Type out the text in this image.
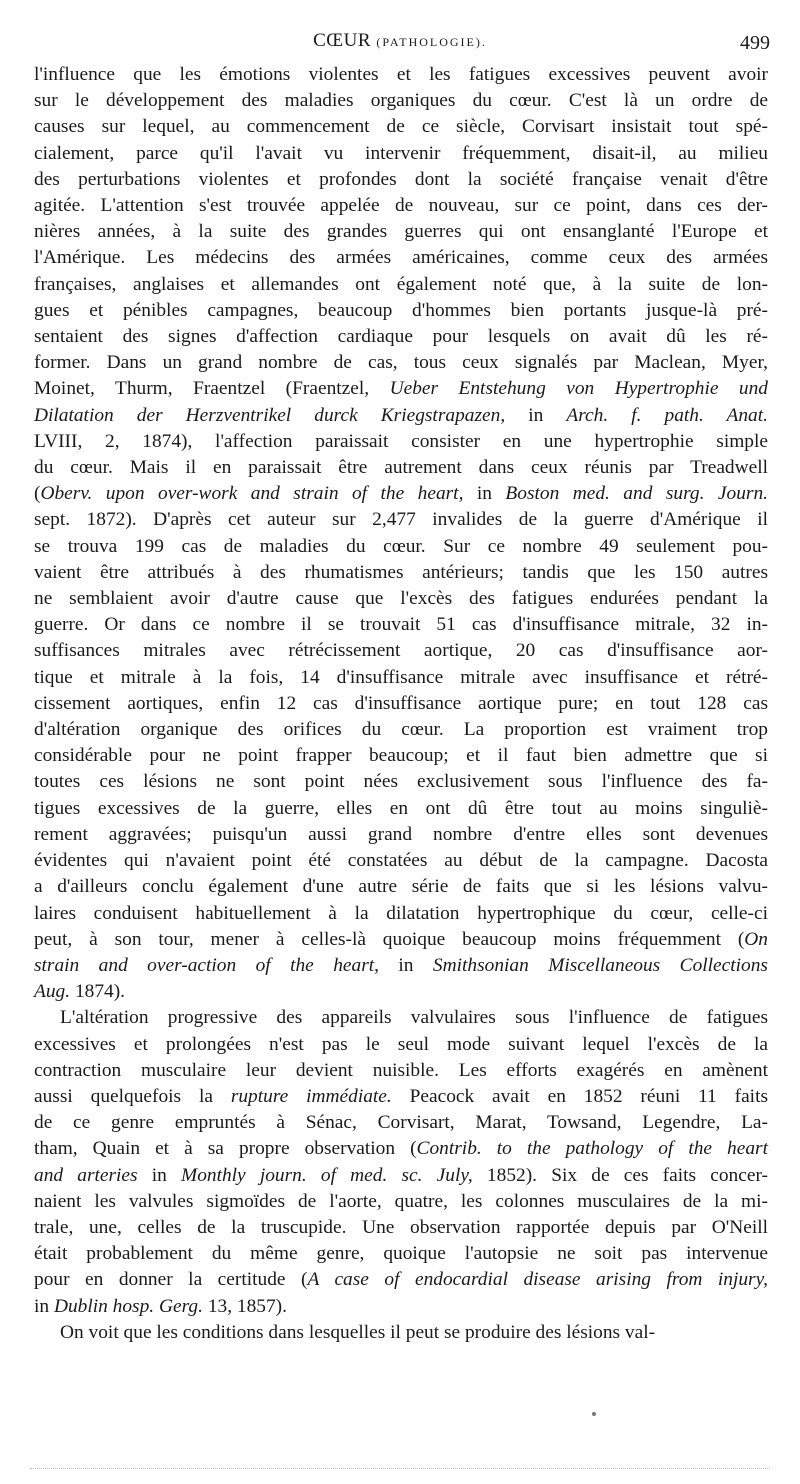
CŒUR (PATHOLOGIE).	499

l'influence que les émotions violentes et les fatigues excessives peuvent avoir
sur le développement des maladies organiques du cœur. C'est là un ordre de
causes sur lequel, au commencement de ce siècle, Corvisart insistait tout spé-
cialement, parce qu'il l'avait vu intervenir fréquemment, disait-il, au milieu
des perturbations violentes et profondes dont la société française venait d'être
agitée. L'attention s'est trouvée appelée de nouveau, sur ce point, dans ces der-
nières années, à la suite des grandes guerres qui ont ensanglanté l'Europe et
l'Amérique. Les médecins des armées américaines, comme ceux des armées
françaises, anglaises et allemandes ont également noté que, à la suite de lon-
gues et pénibles campagnes, beaucoup d'hommes bien portants jusque-là pré-
sentaient des signes d'affection cardiaque pour lesquels on avait dû les ré-
former. Dans un grand nombre de cas, tous ceux signalés par Maclean, Myer,
Moinet, Thurm, Fraentzel (Fraentzel, Ueber Entstehung von Hypertrophie und
Dilatation der Herzventrikel durck Kriegstrapazen, in Arch. f. path. Anat.
LVIII, 2, 1874), l'affection paraissait consister en une hypertrophie simple
du cœur. Mais il en paraissait être autrement dans ceux réunis par Treadwell
(Oberv. upon over-work and strain of the heart, in Boston med. and surg. Journ.
sept. 1872). D'après cet auteur sur 2,477 invalides de la guerre d'Amérique il
se trouva 199 cas de maladies du cœur. Sur ce nombre 49 seulement pou-
vaient être attribués à des rhumatismes antérieurs; tandis que les 150 autres
ne semblaient avoir d'autre cause que l'excès des fatigues endurées pendant la
guerre. Or dans ce nombre il se trouvait 51 cas d'insuffisance mitrale, 32 in-
suffisances mitrales avec rétrécissement aortique, 20 cas d'insuffisance aor-
tique et mitrale à la fois, 14 d'insuffisance mitrale avec insuffisance et rétré-
cissement aortiques, enfin 12 cas d'insuffisance aortique pure; en tout 128 cas
d'altération organique des orifices du cœur. La proportion est vraiment trop
considérable pour ne point frapper beaucoup; et il faut bien admettre que si
toutes ces lésions ne sont point nées exclusivement sous l'influence des fa-
tigues excessives de la guerre, elles en ont dû être tout au moins singuliè-
rement aggravées; puisqu'un aussi grand nombre d'entre elles sont devenues
évidentes qui n'avaient point été constatées au début de la campagne. Dacosta
a d'ailleurs conclu également d'une autre série de faits que si les lésions valvu-
laires conduisent habituellement à la dilatation hypertrophique du cœur, celle-ci
peut, à son tour, mener à celles-là quoique beaucoup moins fréquemment (On
strain and over-action of the heart, in Smithsonian Miscellaneous Collections
Aug. 1874).

L'altération progressive des appareils valvulaires sous l'influence de fatigues
excessives et prolongées n'est pas le seul mode suivant lequel l'excès de la
contraction musculaire leur devient nuisible. Les efforts exagérés en amènent
aussi quelquefois la rupture immédiate. Peacock avait en 1852 réuni 11 faits
de ce genre empruntés à Sénac, Corvisart, Marat, Towsand, Legendre, La-
tham, Quain et à sa propre observation (Contrib. to the pathology of the heart
and arteries in Monthly journ. of med. sc. July, 1852). Six de ces faits concer-
naient les valvules sigmoïdes de l'aorte, quatre, les colonnes musculaires de la mi-
trale, une, celles de la truscupide. Une observation rapportée depuis par O'Neill
était probablement du même genre, quoique l'autopsie ne soit pas intervenue
pour en donner la certitude (A case of endocardial disease arising from injury,
in Dublin hosp. Gerg. 13, 1857).

On voit que les conditions dans lesquelles il peut se produire des lésions val-
